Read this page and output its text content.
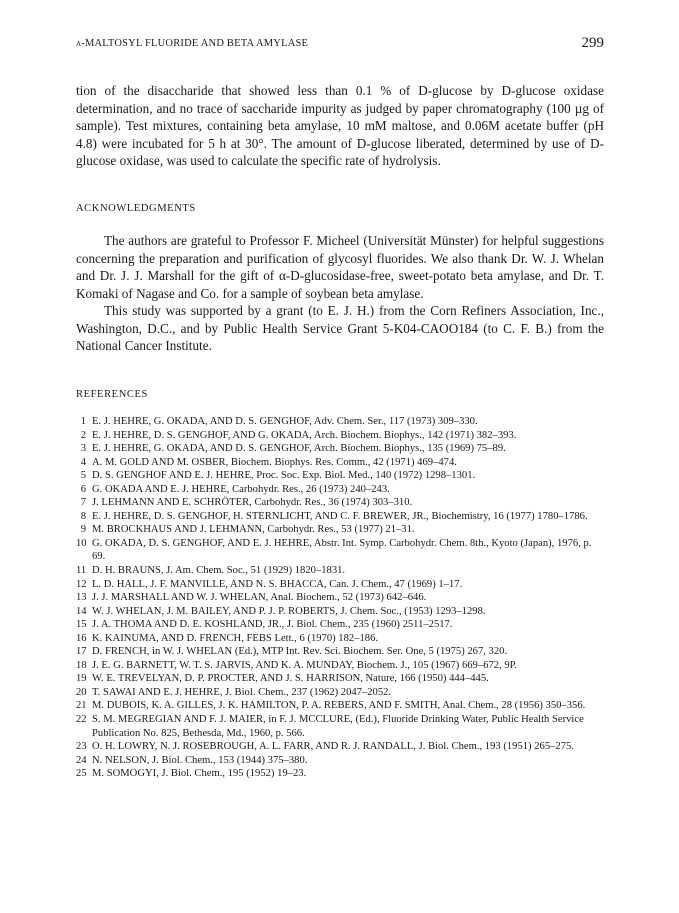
α-MALTOSYL FLUORIDE AND BETA AMYLASE	299

tion of the disaccharide that showed less than 0.1 % of D-glucose by D-glucose oxidase determination, and no trace of saccharide impurity as judged by paper chromatography (100 µg of sample). Test mixtures, containing beta amylase, 10 mM maltose, and 0.06M acetate buffer (pH 4.8) were incubated for 5 h at 30°. The amount of D-glucose liberated, determined by use of D-glucose oxidase, was used to calculate the specific rate of hydrolysis.

ACKNOWLEDGMENTS

The authors are grateful to Professor F. Micheel (Universität Münster) for helpful suggestions concerning the preparation and purification of glycosyl fluorides. We also thank Dr. W. J. Whelan and Dr. J. J. Marshall for the gift of α-D-glucosidase-free, sweet-potato beta amylase, and Dr. T. Komaki of Nagase and Co. for a sample of soybean beta amylase.

This study was supported by a grant (to E. J. H.) from the Corn Refiners Association, Inc., Washington, D.C., and by Public Health Service Grant 5-K04-CAOO184 (to C. F. B.) from the National Cancer Institute.

REFERENCES
1 E. J. HEHRE, G. OKADA, AND D. S. GENGHOF, Adv. Chem. Ser., 117 (1973) 309–330.
2 E. J. HEHRE, D. S. GENGHOF, AND G. OKADA, Arch. Biochem. Biophys., 142 (1971) 382–393.
3 E. J. HEHRE, G. OKADA, AND D. S. GENGHOF, Arch. Biochem. Biophys., 135 (1969) 75–89.
4 A. M. GOLD AND M. OSBER, Biochem. Biophys. Res. Comm., 42 (1971) 469–474.
5 D. S. GENGHOF AND E. J. HEHRE, Proc. Soc. Exp. Biol. Med., 140 (1972) 1298–1301.
6 G. OKADA AND E. J. HEHRE, Carbohydr. Res., 26 (1973) 240–243.
7 J. LEHMANN AND E. SCHRÖTER, Carbohydr. Res., 36 (1974) 303–310.
8 E. J. HEHRE, D. S. GENGHOF, H. STERNLICHT, AND C. F. BREWER, JR., Biochemistry, 16 (1977) 1780–1786.
9 M. BROCKHAUS AND J. LEHMANN, Carbohydr. Res., 53 (1977) 21–31.
10 G. OKADA, D. S. GENGHOF, AND E. J. HEHRE, Abstr. Int. Symp. Carbohydr. Chem. 8th., Kyoto (Japan), 1976, p. 69.
11 D. H. BRAUNS, J. Am. Chem. Soc., 51 (1929) 1820–1831.
12 L. D. HALL, J. F. MANVILLE, AND N. S. BHACCA, Can. J. Chem., 47 (1969) 1–17.
13 J. J. MARSHALL AND W. J. WHELAN, Anal. Biochem., 52 (1973) 642–646.
14 W. J. WHELAN, J. M. BAILEY, AND P. J. P. ROBERTS, J. Chem. Soc., (1953) 1293–1298.
15 J. A. THOMA AND D. E. KOSHLAND, JR., J. Biol. Chem., 235 (1960) 2511–2517.
16 K. KAINUMA, AND D. FRENCH, FEBS Lett., 6 (1970) 182–186.
17 D. FRENCH, in W. J. WHELAN (Ed.), MTP Int. Rev. Sci. Biochem. Ser. One, 5 (1975) 267, 320.
18 J. E. G. BARNETT, W. T. S. JARVIS, AND K. A. MUNDAY, Biochem. J., 105 (1967) 669–672, 9P.
19 W. E. TREVELYAN, D. P. PROCTER, AND J. S. HARRISON, Nature, 166 (1950) 444–445.
20 T. SAWAI AND E. J. HEHRE, J. Biol. Chem., 237 (1962) 2047–2052.
21 M. DUBOIS, K. A. GILLES, J. K. HAMILTON, P. A. REBERS, AND F. SMITH, Anal. Chem., 28 (1956) 350–356.
22 S. M. MEGREGIAN AND F. J. MAIER, in F. J. MCCLURE, (Ed.), Fluoride Drinking Water, Public Health Service Publication No. 825, Bethesda, Md., 1960, p. 566.
23 O. H. LOWRY, N. J. ROSEBROUGH, A. L. FARR, AND R. J. RANDALL, J. Biol. Chem., 193 (1951) 265–275.
24 N. NELSON, J. Biol. Chem., 153 (1944) 375–380.
25 M. SOMOGYI, J. Biol. Chem., 195 (1952) 19–23.
